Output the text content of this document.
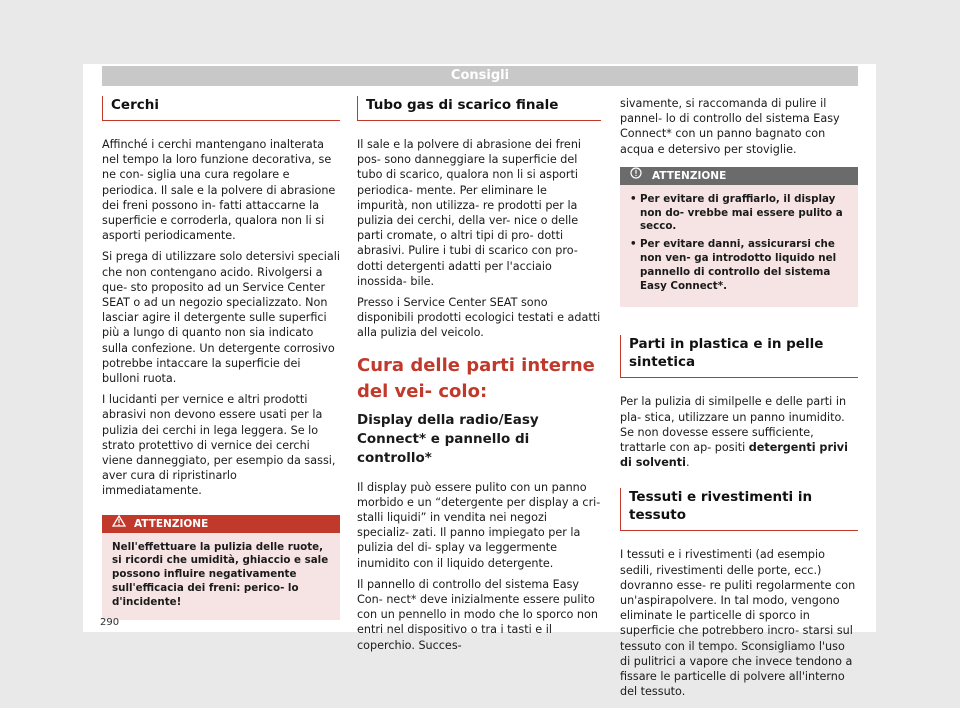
Consigli
Cerchi

Affinché i cerchi mantengano inalterata nel tempo la loro funzione decorativa, se ne con- siglia una cura regolare e periodica. Il sale e la polvere di abrasione dei freni possono in- fatti attaccarne la superficie e corroderla, qualora non li si asporti periodicamente.

Si prega di utilizzare solo detersivi speciali che non contengano acido. Rivolgersi a que- sto proposito ad un Service Center SEAT o ad un negozio specializzato. Non lasciar agire il detergente sulle superfici più a lungo di quanto non sia indicato sulla confezione. Un detergente corrosivo potrebbe intaccare la superficie dei bulloni ruota.

I lucidanti per vernice e altri prodotti abrasivi non devono essere usati per la pulizia dei cerchi in lega leggera. Se lo strato protettivo di vernice dei cerchi viene danneggiato, per esempio da sassi, aver cura di ripristinarlo immediatamente.

ATTENZIONE
Nell'effettuare la pulizia delle ruote, si ricordi che umidità, ghiaccio e sale possono influire negativamente sull'efficacia dei freni: perico- lo d'incidente!
Tubo gas di scarico finale

Il sale e la polvere di abrasione dei freni pos- sono danneggiare la superficie del tubo di scarico, qualora non li si asporti periodica- mente. Per eliminare le impurità, non utilizza- re prodotti per la pulizia dei cerchi, della ver- nice o delle parti cromate, o altri tipi di pro- dotti abrasivi. Pulire i tubi di scarico con pro- dotti detergenti adatti per l'acciaio inossida- bile.

Presso i Service Center SEAT sono disponibili prodotti ecologici testati e adatti alla pulizia del veicolo.

Cura delle parti interne del vei- colo:
Display della radio/Easy Connect* e pannello di controllo*

Il display può essere pulito con un panno morbido e un “detergente per display a cri- stalli liquidi” in vendita nei negozi specializ- zati. Il panno impiegato per la pulizia del di- splay va leggermente inumidito con il liquido detergente.

Il pannello di controllo del sistema Easy Con- nect* deve inizialmente essere pulito con un pennello in modo che lo sporco non entri nel dispositivo o tra i tasti e il coperchio. Succes-

sivamente, si raccomanda di pulire il pannel- lo di controllo del sistema Easy Connect* con un panno bagnato con acqua e detersivo per stoviglie.

ATTENZIONE
• Per evitare di graffiarlo, il display non do- vrebbe mai essere pulito a secco.
• Per evitare danni, assicurarsi che non ven- ga introdotto liquido nel pannello di controllo del sistema Easy Connect*.
Parti in plastica e in pelle sintetica

Per la pulizia di similpelle e delle parti in pla- stica, utilizzare un panno inumidito. Se non dovesse essere sufficiente, trattarle con ap- positi detergenti privi di solventi.

Tessuti e rivestimenti in tessuto

I tessuti e i rivestimenti (ad esempio sedili, rivestimenti delle porte, ecc.) dovranno esse- re puliti regolarmente con un'aspirapolvere. In tal modo, vengono eliminate le particelle di sporco in superficie che potrebbero incro- starsi sul tessuto con il tempo. Sconsigliamo l'uso di pulitrici a vapore che invece tendono a fissare le particelle di polvere all'interno del tessuto.

290
